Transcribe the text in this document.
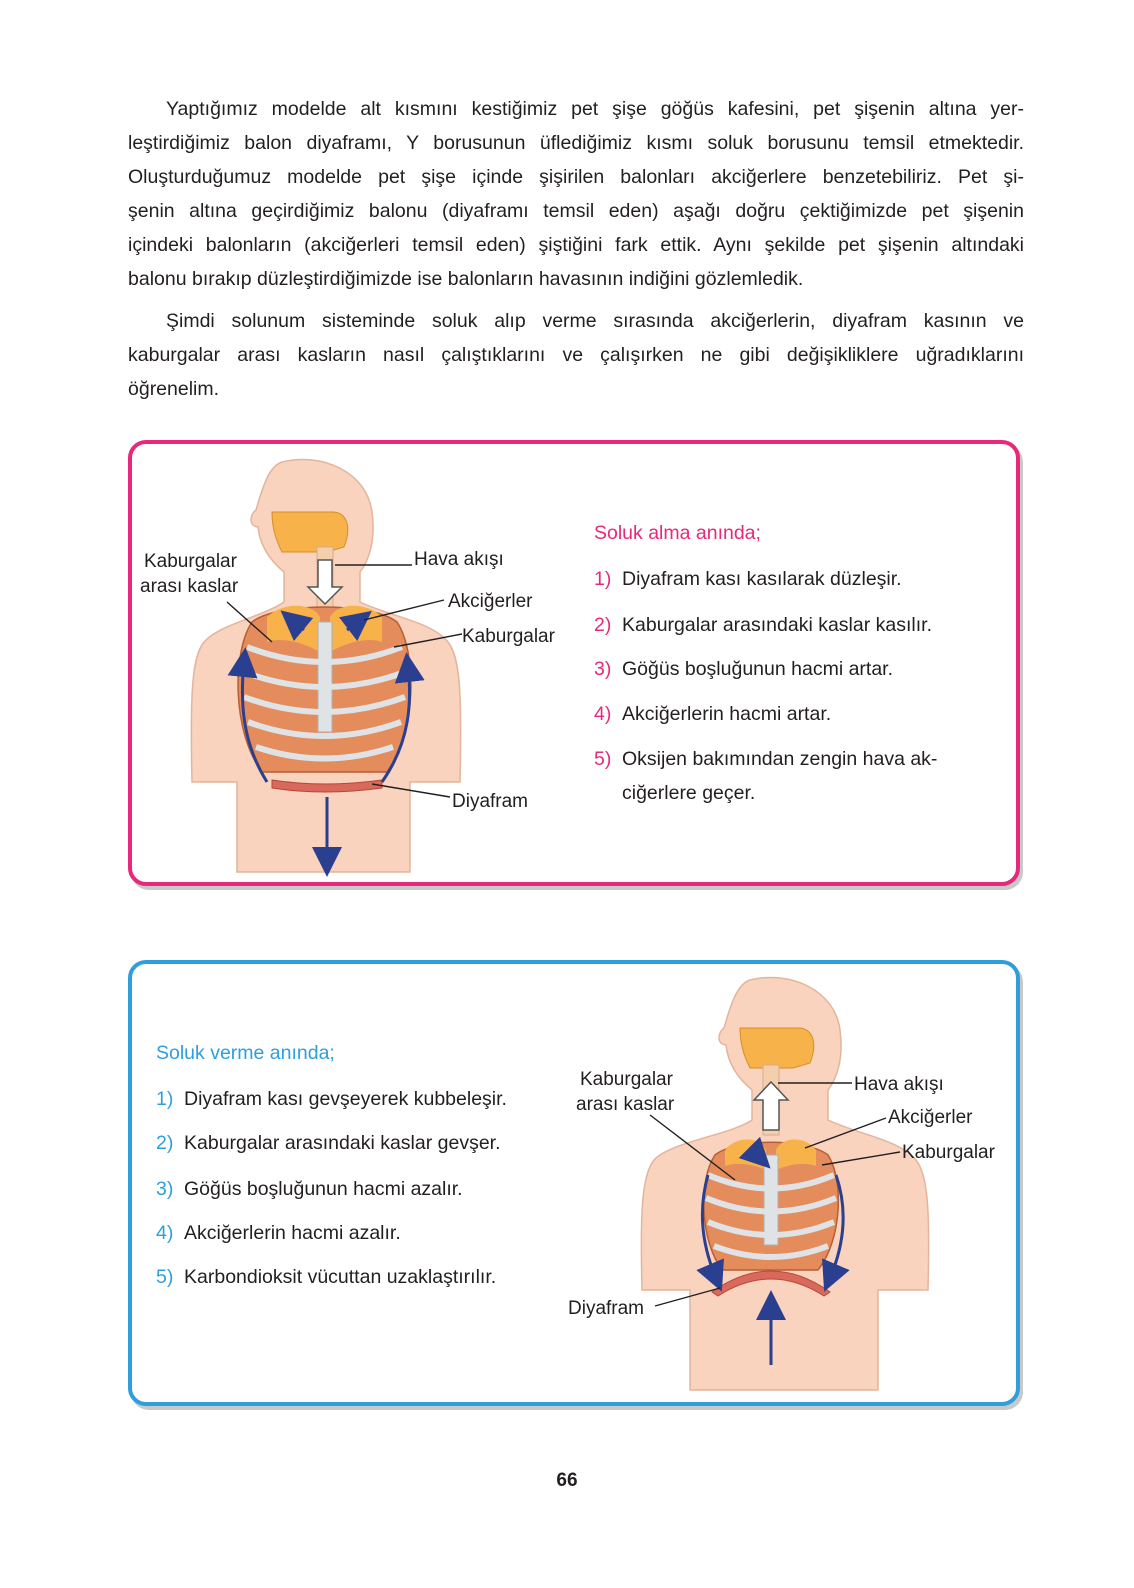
Yaptığımız modelde alt kısmını kestiğimiz pet şişe göğüs kafesini, pet şişenin altına yer-
leştirdiğimiz balon diyaframı, Y borusunun üflediğimiz kısmı soluk borusunu temsil etmektedir.
Oluşturduğumuz modelde pet şişe içinde şişirilen balonları akciğerlere benzetebiliriz. Pet şi-
şenin altına geçirdiğimiz balonu (diyaframı temsil eden) aşağı doğru çektiğimizde pet şişenin
içindeki balonların (akciğerleri temsil eden) şiştiğini fark ettik. Aynı şekilde pet şişenin altındaki
balonu bırakıp düzleştirdiğimizde ise balonların havasının indiğini gözlemledik.
Şimdi solunum sisteminde soluk alıp verme sırasında akciğerlerin, diyafram kasının ve
kaburgalar arası kasların nasıl çalıştıklarını ve çalışırken ne gibi değişikliklere uğradıklarını
öğrenelim.
Kaburgalar
arası kaslar
Hava akışı
Akciğerler
Kaburgalar
Diyafram
Soluk alma anında;
1) Diyafram kası kasılarak düzleşir.
2) Kaburgalar arasındaki kaslar kasılır.
3) Göğüs boşluğunun hacmi artar.
4) Akciğerlerin hacmi artar.
5) Oksijen bakımından zengin hava ak-
ciğerlere geçer.
Soluk verme anında;
1) Diyafram kası gevşeyerek kubbeleşir.
2) Kaburgalar arasındaki kaslar gevşer.
3) Göğüs boşluğunun hacmi azalır.
4) Akciğerlerin hacmi azalır.
5) Karbondioksit vücuttan uzaklaştırılır.
Kaburgalar
arası kaslar
Hava akışı
Akciğerler
Kaburgalar
Diyafram
66
